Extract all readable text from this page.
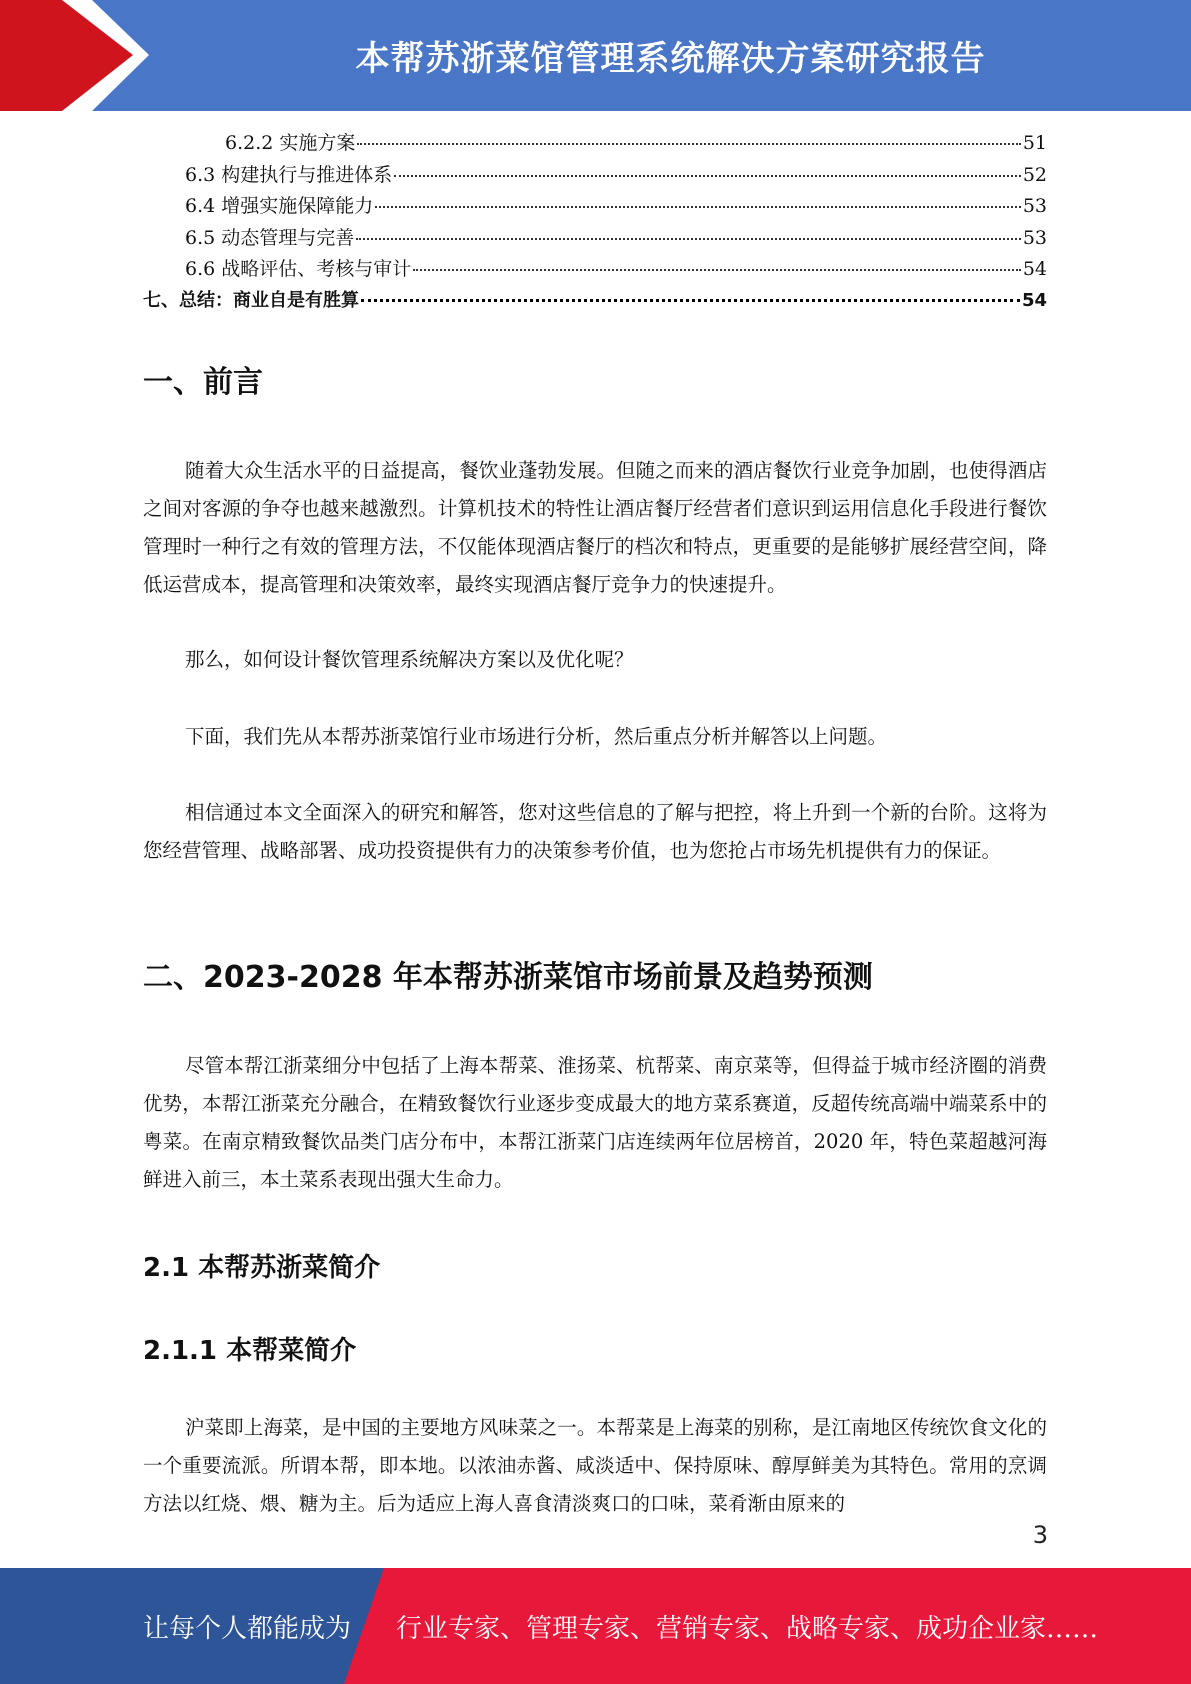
本帮苏浙菜馆管理系统解决方案研究报告
6.2.2 实施方案	51
6.3 构建执行与推进体系	52
6.4 增强实施保障能力	53
6.5 动态管理与完善	53
6.6 战略评估、考核与审计	54
七、总结：商业自是有胜算	54
一、前言

随着大众生活水平的日益提高，餐饮业蓬勃发展。但随之而来的酒店餐饮行业竞争加剧，也使得酒店之间对客源的争夺也越来越激烈。计算机技术的特性让酒店餐厅经营者们意识到运用信息化手段进行餐饮管理时一种行之有效的管理方法，不仅能体现酒店餐厅的档次和特点，更重要的是能够扩展经营空间，降低运营成本，提高管理和决策效率，最终实现酒店餐厅竞争力的快速提升。

那么，如何设计餐饮管理系统解决方案以及优化呢？

下面，我们先从本帮苏浙菜馆行业市场进行分析，然后重点分析并解答以上问题。

相信通过本文全面深入的研究和解答，您对这些信息的了解与把控，将上升到一个新的台阶。这将为您经营管理、战略部署、成功投资提供有力的决策参考价值，也为您抢占市场先机提供有力的保证。

二、2023-2028 年本帮苏浙菜馆市场前景及趋势预测

尽管本帮江浙菜细分中包括了上海本帮菜、淮扬菜、杭帮菜、南京菜等，但得益于城市经济圈的消费优势，本帮江浙菜充分融合，在精致餐饮行业逐步变成最大的地方菜系赛道，反超传统高端中端菜系中的粤菜。在南京精致餐饮品类门店分布中，本帮江浙菜门店连续两年位居榜首，2020 年，特色菜超越河海鲜进入前三，本土菜系表现出强大生命力。

2.1 本帮苏浙菜简介
2.1.1 本帮菜简介

沪菜即上海菜，是中国的主要地方风味菜之一。本帮菜是上海菜的别称，是江南地区传统饮食文化的一个重要流派。所谓本帮，即本地。以浓油赤酱、咸淡适中、保持原味、醇厚鲜美为其特色。常用的烹调方法以红烧、煨、糖为主。后为适应上海人喜食清淡爽口的口味，菜肴渐由原来的

3
让每个人都能成为 行业专家、管理专家、营销专家、战略专家、成功企业家……
